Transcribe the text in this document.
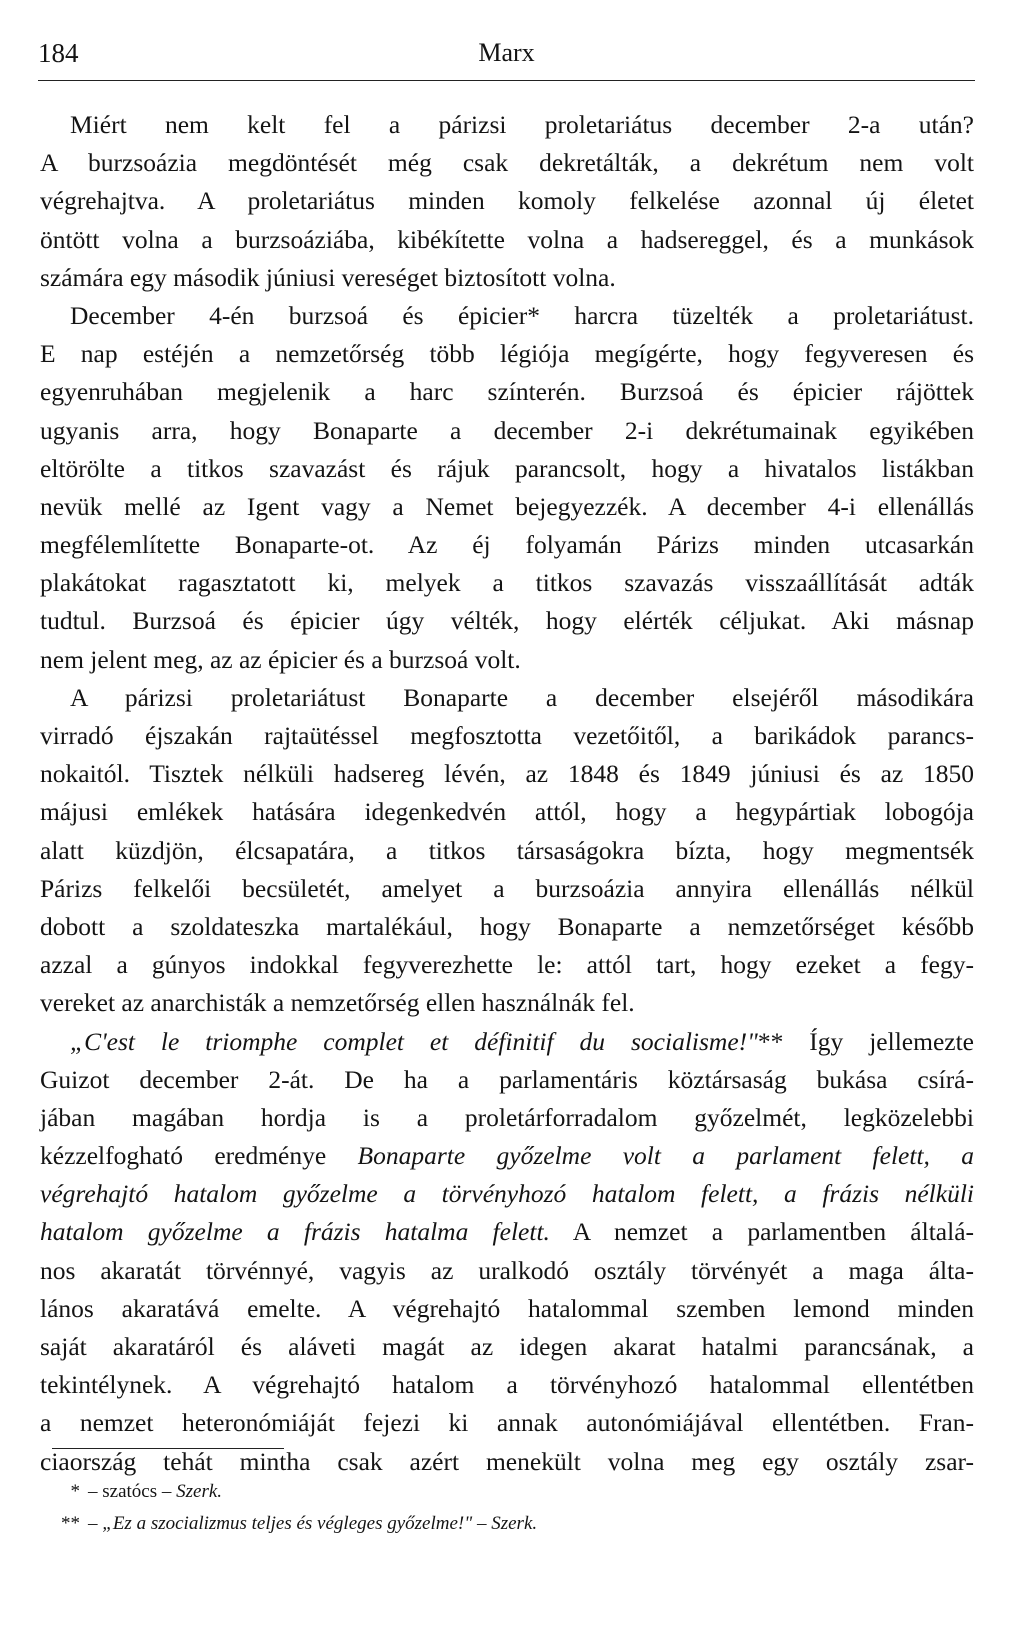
184	Marx
Miért nem kelt fel a párizsi proletariátus december 2-a után?
A burzsoázia megdöntését még csak dekretálták, a dekrétum nem volt
végrehajtva. A proletariátus minden komoly felkelése azonnal új életet
öntött volna a burzsoáziába, kibékítette volna a hadsereggel, és a munkások
számára egy második júniusi vereséget biztosított volna.
December 4-én burzsoá és épicier* harcra tüzelték a proletariátust.
E nap estéjén a nemzetőrség több légiója megígérte, hogy fegyveresen és
egyenruhában megjelenik a harc színterén. Burzsoá és épicier rájöttek
ugyanis arra, hogy Bonaparte a december 2-i dekrétumainak egyikében
eltörölte a titkos szavazást és rájuk parancsolt, hogy a hivatalos listákban
nevük mellé az Igent vagy a Nemet bejegyezzék. A december 4-i ellenállás
megfélemlítette Bonaparte-ot. Az éj folyamán Párizs minden utcasarkán
plakátokat ragasztatott ki, melyek a titkos szavazás visszaállítását adták
tudtul. Burzsoá és épicier úgy vélték, hogy elérték céljukat. Aki másnap
nem jelent meg, az az épicier és a burzsoá volt.
A párizsi proletariátust Bonaparte a december elsejéről másodikára
virradó éjszakán rajtaütéssel megfosztotta vezetőitől, a barikádok parancs-
nokaitól. Tisztek nélküli hadsereg lévén, az 1848 és 1849 júniusi és az 1850
májusi emlékek hatására idegenkedvén attól, hogy a hegypártiak lobogója
alatt küzdjön, élcsapatára, a titkos társaságokra bízta, hogy megmentsék
Párizs felkelői becsületét, amelyet a burzsoázia annyira ellenállás nélkül
dobott a szoldateszka martalékául, hogy Bonaparte a nemzetőrséget később
azzal a gúnyos indokkal fegyverezhette le: attól tart, hogy ezeket a fegy-
vereket az anarchisták a nemzetőrség ellen használnák fel.
„C'est le triomphe complet et définitif du socialisme!"** Így jellemezte
Guizot december 2-át. De ha a parlamentáris köztársaság bukása csírá-
jában magában hordja is a proletárforradalom győzelmét, legközelebbi
kézzelfogható eredménye Bonaparte győzelme volt a parlament felett, a
végrehajtó hatalom győzelme a törvényhozó hatalom felett, a frázis nélküli
hatalom győzelme a frázis hatalma felett. A nemzet a parlamentben általá-
nos akaratát törvénnyé, vagyis az uralkodó osztály törvényét a maga álta-
lános akaratává emelte. A végrehajtó hatalommal szemben lemond minden
saját akaratáról és aláveti magát az idegen akarat hatalmi parancsának, a
tekintélynek. A végrehajtó hatalom a törvényhozó hatalommal ellentétben
a nemzet heteronómiáját fejezi ki annak autonómiájával ellentétben. Fran-
ciaország tehát mintha csak azért menekült volna meg egy osztály zsar-
* – szatócs – Szerk.
** – „Ez a szocializmus teljes és végleges győzelme!" – Szerk.
